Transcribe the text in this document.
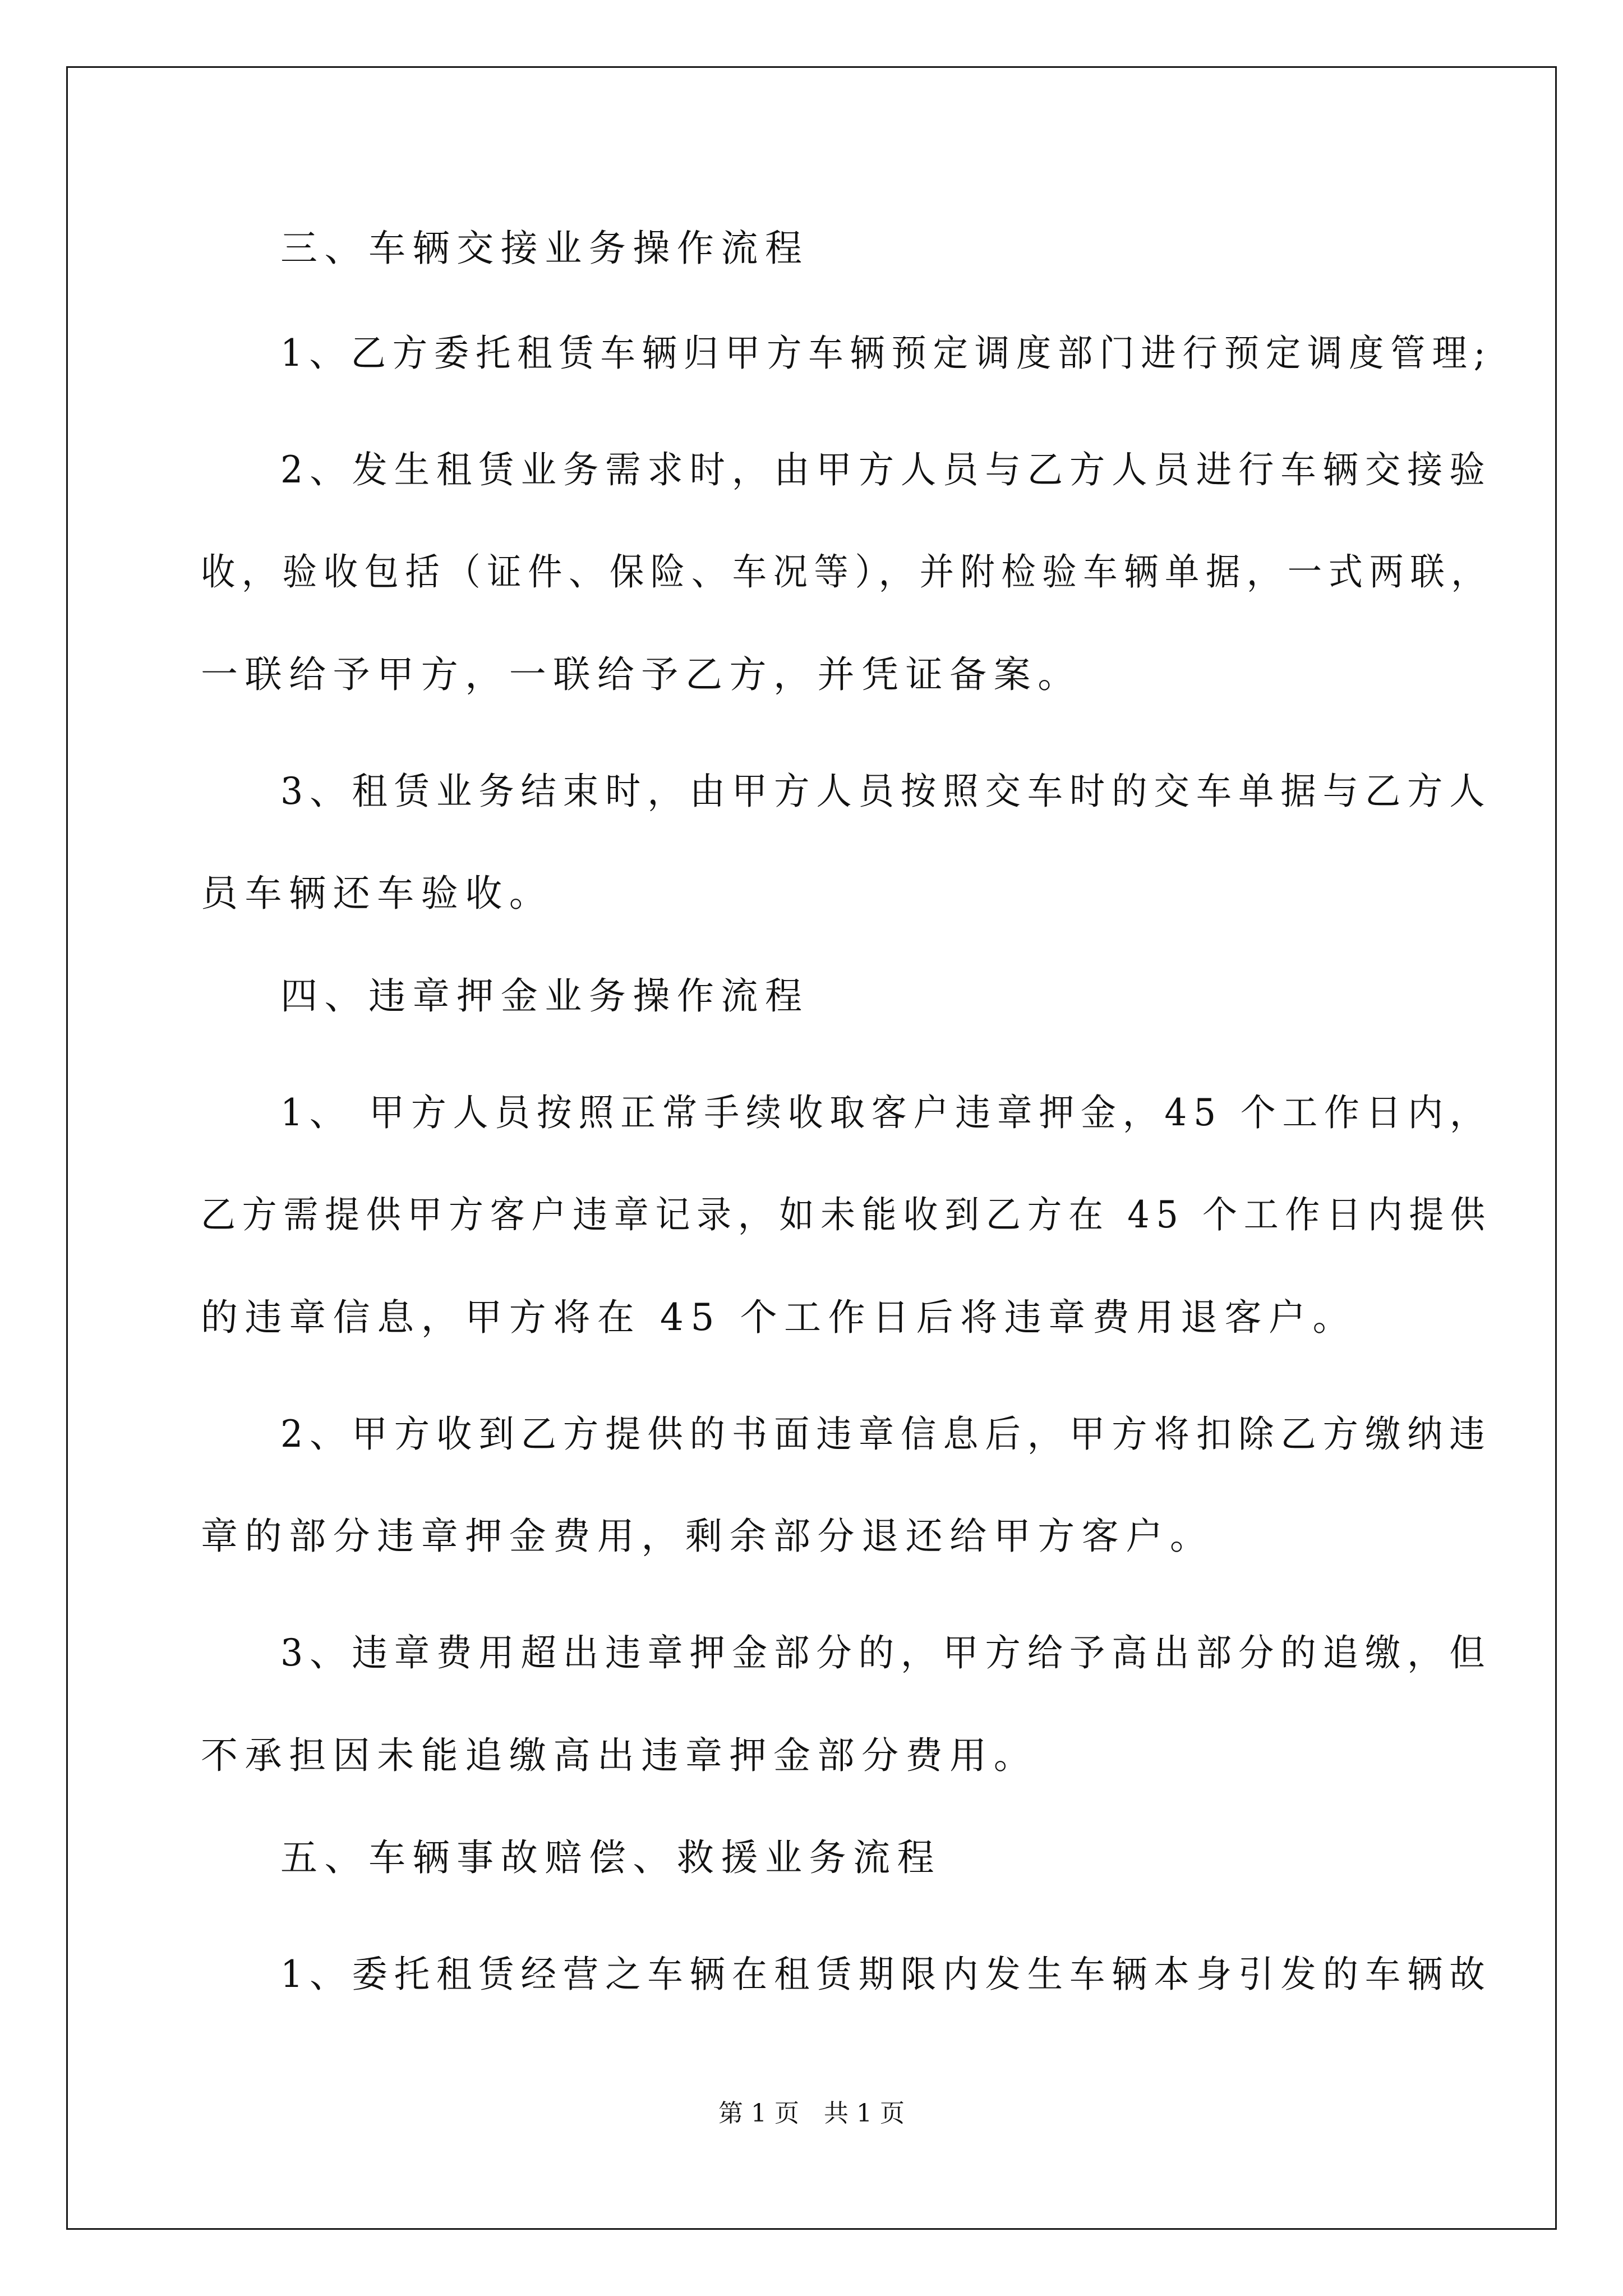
三、车辆交接业务操作流程
1、乙方委托租赁车辆归甲方车辆预定调度部门进行预定调度管理;
2、发生租赁业务需求时，由甲方人员与乙方人员进行车辆交接验
收，验收包括（证件、保险、车况等），并附检验车辆单据，一式两联，
一联给予甲方，一联给予乙方，并凭证备案。
3、租赁业务结束时，由甲方人员按照交车时的交车单据与乙方人
员车辆还车验收。
四、违章押金业务操作流程
1、 甲方人员按照正常手续收取客户违章押金，45 个工作日内，
乙方需提供甲方客户违章记录，如未能收到乙方在 45 个工作日内提供
的违章信息，甲方将在 45 个工作日后将违章费用退客户。
2、甲方收到乙方提供的书面违章信息后，甲方将扣除乙方缴纳违
章的部分违章押金费用，剩余部分退还给甲方客户。
3、违章费用超出违章押金部分的，甲方给予高出部分的追缴，但
不承担因未能追缴高出违章押金部分费用。
五、车辆事故赔偿、救援业务流程
1、委托租赁经营之车辆在租赁期限内发生车辆本身引发的车辆故
第 1 页　共 1 页
